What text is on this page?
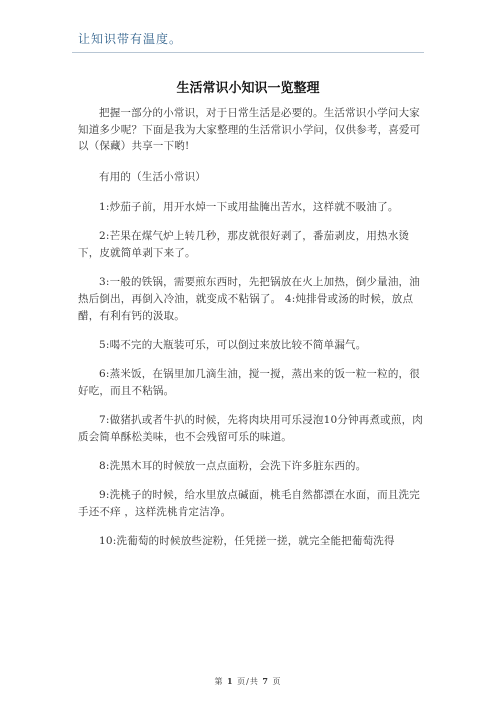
让知识带有温度。
生活常识小知识一览整理

把握一部分的小常识，对于日常生活是必要的。生活常识小学问大家知道多少呢？下面是我为大家整理的生活常识小学问，仅供参考，喜爱可以（保藏）共享一下哟!

有用的（生活小常识）

1:炒茄子前，用开水焯一下或用盐腌出苦水，这样就不吸油了。

2:芒果在煤气炉上转几秒，那皮就很好剥了，番茄剥皮，用热水烫下，皮就简单剥下来了。

3:一般的铁锅，需要煎东西时，先把锅放在火上加热，倒少量油，油热后倒出，再倒入冷油，就变成不粘锅了。 4:炖排骨或汤的时候，放点醋，有利有钙的汲取。

5:喝不完的大瓶装可乐，可以倒过来放比较不简单漏气。

6:蒸米饭，在锅里加几滴生油，搅一搅，蒸出来的饭一粒一粒的，很好吃，而且不粘锅。

7:做猪扒或者牛扒的时候，先将肉块用可乐浸泡10分钟再煮或煎，肉质会简单酥松美味，也不会残留可乐的味道。

8:洗黑木耳的时候放一点点面粉，会洗下许多脏东西的。

9:洗桃子的时候，给水里放点碱面，桃毛自然都漂在水面，而且洗完手还不痒 ，这样洗桃肯定洁净。

10:洗葡萄的时候放些淀粉，任凭搓一搓，就完全能把葡萄洗得

第 1 页/共 7 页
